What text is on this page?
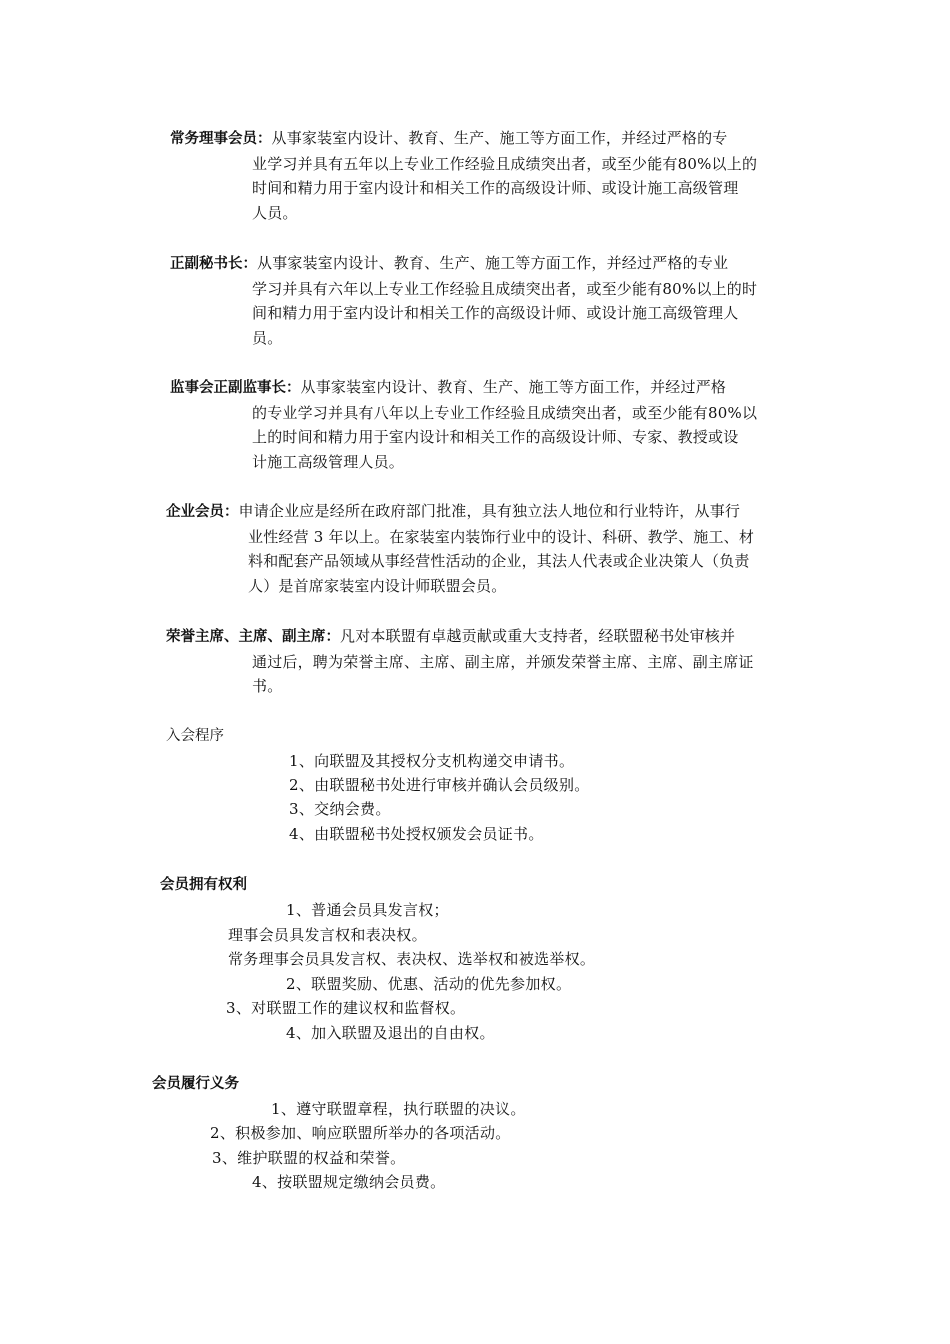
常务理事会员：从事家装室内设计、教育、生产、施工等方面工作，并经过严格的专
业学习并具有五年以上专业工作经验且成绩突出者，或至少能有80%以上的
时间和精力用于室内设计和相关工作的高级设计师、或设计施工高级管理
人员。
正副秘书长：从事家装室内设计、教育、生产、施工等方面工作，并经过严格的专业
学习并具有六年以上专业工作经验且成绩突出者，或至少能有80%以上的时
间和精力用于室内设计和相关工作的高级设计师、或设计施工高级管理人
员。
监事会正副监事长：从事家装室内设计、教育、生产、施工等方面工作，并经过严格
的专业学习并具有八年以上专业工作经验且成绩突出者，或至少能有80%以
上的时间和精力用于室内设计和相关工作的高级设计师、专家、教授或设
计施工高级管理人员。
企业会员：申请企业应是经所在政府部门批准，具有独立法人地位和行业特许，从事行
业性经营 3 年以上。在家装室内装饰行业中的设计、科研、教学、施工、材
料和配套产品领域从事经营性活动的企业，其法人代表或企业决策人（负责
人）是首席家装室内设计师联盟会员。
荣誉主席、主席、副主席：凡对本联盟有卓越贡献或重大支持者，经联盟秘书处审核并
通过后，聘为荣誉主席、主席、副主席，并颁发荣誉主席、主席、副主席证
书。
入会程序
1、向联盟及其授权分支机构递交申请书。
2、由联盟秘书处进行审核并确认会员级别。
3、交纳会费。
4、由联盟秘书处授权颁发会员证书。
会员拥有权利
1、普通会员具发言权；
理事会员具发言权和表决权。
常务理事会员具发言权、表决权、选举权和被选举权。
2、联盟奖励、优惠、活动的优先参加权。
3、对联盟工作的建议权和监督权。
4、加入联盟及退出的自由权。
会员履行义务
1、遵守联盟章程，执行联盟的决议。
2、积极参加、响应联盟所举办的各项活动。
3、维护联盟的权益和荣誉。
4、按联盟规定缴纳会员费。
